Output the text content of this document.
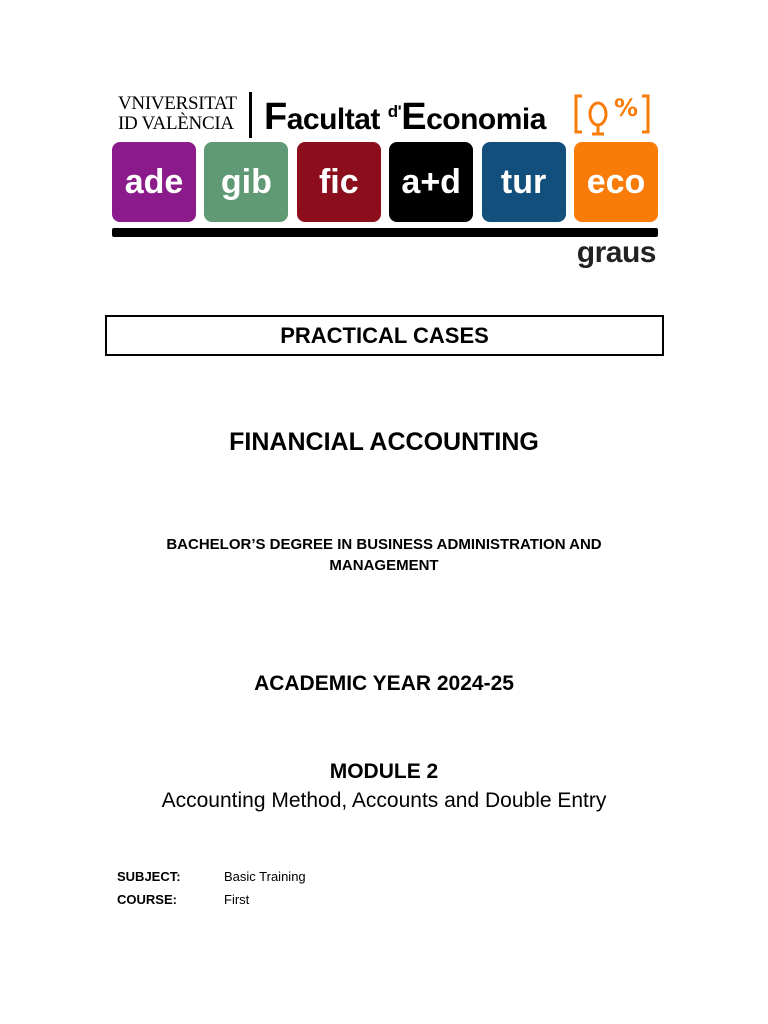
VNIVERSITAT
ID VALÈNCIA Facultat $^{d'}$Economia	%
ade	gib	fic	a+d	tur	eco
graus
PRACTICAL CASES
FINANCIAL ACCOUNTING
BACHELOR’S DEGREE IN BUSINESS ADMINISTRATION AND MANAGEMENT
ACADEMIC YEAR 2024-25
MODULE 2
Accounting Method, Accounts and Double Entry
SUBJECT:	Basic Training
COURSE:	First
